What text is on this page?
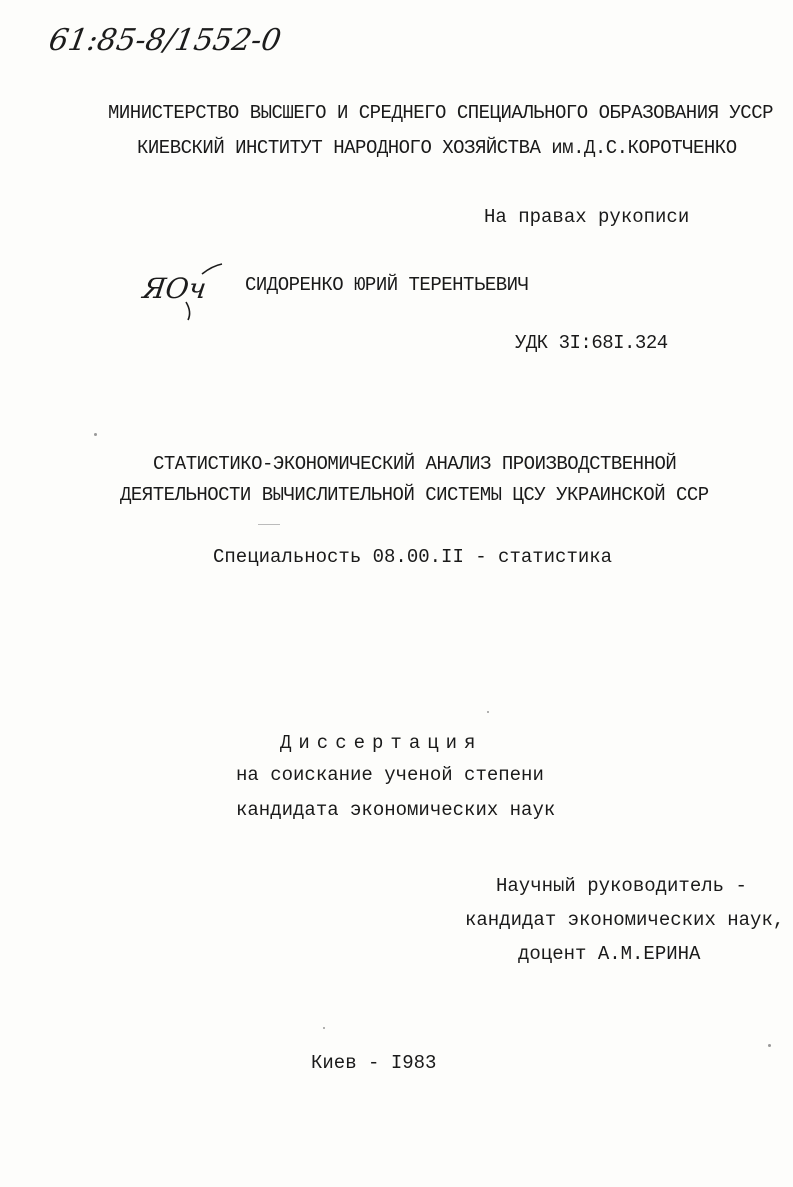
61:85-8/1552-0
МИНИСТЕРСТВО ВЫСШЕГО И СРЕДНЕГО СПЕЦИАЛЬНОГО ОБРАЗОВАНИЯ УССР
КИЕВСКИЙ ИНСТИТУТ НАРОДНОГО ХОЗЯЙСТВА им.Д.С.КОРОТЧЕНКО
На правах рукописи
ЯОч СИДОРЕНКО ЮРИЙ ТЕРЕНТЬЕВИЧ
УДК 3I:68I.324
СТАТИСТИКО-ЭКОНОМИЧЕСКИЙ АНАЛИЗ ПРОИЗВОДСТВЕННОЙ
ДЕЯТЕЛЬНОСТИ ВЫЧИСЛИТЕЛЬНОЙ СИСТЕМЫ ЦСУ УКРАИНСКОЙ ССР
Специальность 08.00.II - статистика
Диссертация
на соискание ученой степени
кандидата экономических наук
Научный руководитель -
кандидат экономических наук,
доцент А.М.ЕРИНА
Киев - I983
